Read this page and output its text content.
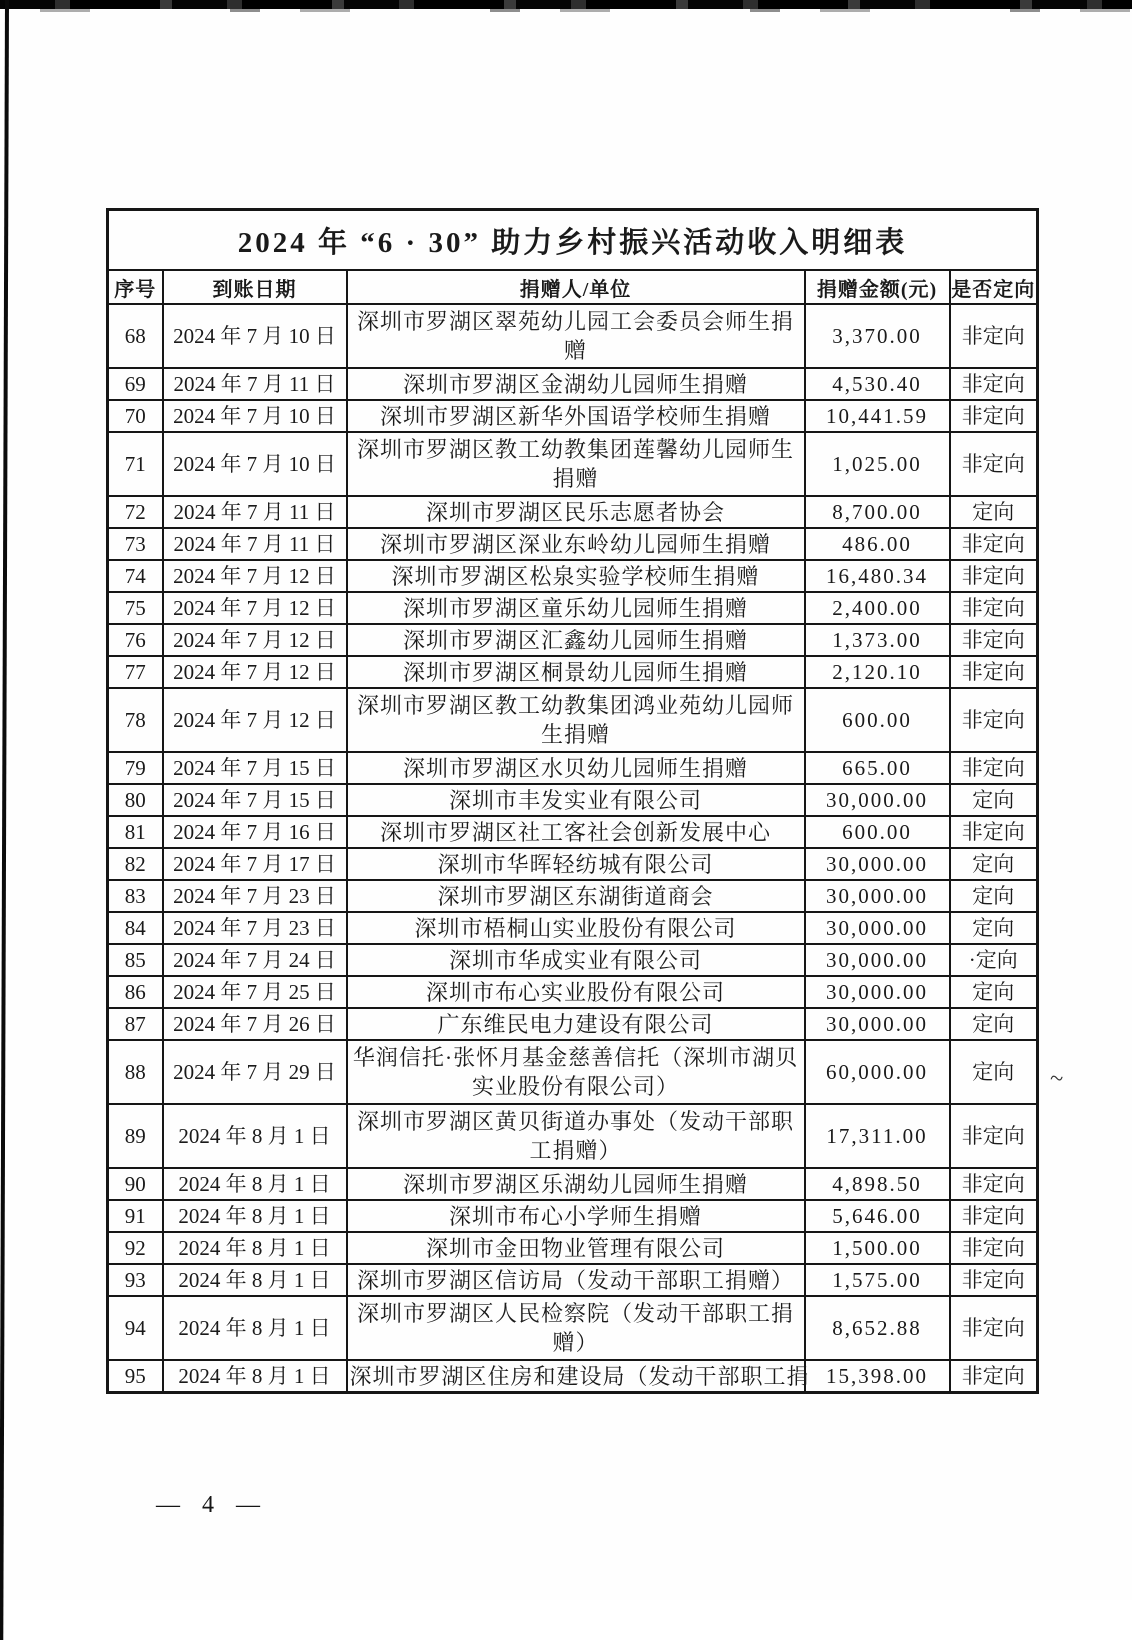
2024 年 “6 · 30” 助力乡村振兴活动收入明细表				
序号	到账日期	捐赠人/单位	捐赠金额(元)	是否定向
68	2024 年 7 月 10 日	深圳市罗湖区翠苑幼儿园工会委员会师生捐赠	3,370.00	非定向
69	2024 年 7 月 11 日	深圳市罗湖区金湖幼儿园师生捐赠	4,530.40	非定向
70	2024 年 7 月 10 日	深圳市罗湖区新华外国语学校师生捐赠	10,441.59	非定向
71	2024 年 7 月 10 日	深圳市罗湖区教工幼教集团莲馨幼儿园师生捐赠	1,025.00	非定向
72	2024 年 7 月 11 日	深圳市罗湖区民乐志愿者协会	8,700.00	定向
73	2024 年 7 月 11 日	深圳市罗湖区深业东岭幼儿园师生捐赠	486.00	非定向
74	2024 年 7 月 12 日	深圳市罗湖区松泉实验学校师生捐赠	16,480.34	非定向
75	2024 年 7 月 12 日	深圳市罗湖区童乐幼儿园师生捐赠	2,400.00	非定向
76	2024 年 7 月 12 日	深圳市罗湖区汇鑫幼儿园师生捐赠	1,373.00	非定向
77	2024 年 7 月 12 日	深圳市罗湖区桐景幼儿园师生捐赠	2,120.10	非定向
78	2024 年 7 月 12 日	深圳市罗湖区教工幼教集团鸿业苑幼儿园师生捐赠	600.00	非定向
79	2024 年 7 月 15 日	深圳市罗湖区水贝幼儿园师生捐赠	665.00	非定向
80	2024 年 7 月 15 日	深圳市丰发实业有限公司	30,000.00	定向
81	2024 年 7 月 16 日	深圳市罗湖区社工客社会创新发展中心	600.00	非定向
82	2024 年 7 月 17 日	深圳市华晖轻纺城有限公司	30,000.00	定向
83	2024 年 7 月 23 日	深圳市罗湖区东湖街道商会	30,000.00	定向
84	2024 年 7 月 23 日	深圳市梧桐山实业股份有限公司	30,000.00	定向
85	2024 年 7 月 24 日	深圳市华成实业有限公司	30,000.00	·定向
86	2024 年 7 月 25 日	深圳市布心实业股份有限公司	30,000.00	定向
87	2024 年 7 月 26 日	广东维民电力建设有限公司	30,000.00	定向
88	2024 年 7 月 29 日	华润信托·张怀月基金慈善信托（深圳市湖贝实业股份有限公司）	60,000.00	定向
89	2024 年 8 月 1 日	深圳市罗湖区黄贝街道办事处（发动干部职工捐赠）	17,311.00	非定向
90	2024 年 8 月 1 日	深圳市罗湖区乐湖幼儿园师生捐赠	4,898.50	非定向
91	2024 年 8 月 1 日	深圳市布心小学师生捐赠	5,646.00	非定向
92	2024 年 8 月 1 日	深圳市金田物业管理有限公司	1,500.00	非定向
93	2024 年 8 月 1 日	深圳市罗湖区信访局（发动干部职工捐赠）	1,575.00	非定向
94	2024 年 8 月 1 日	深圳市罗湖区人民检察院（发动干部职工捐赠）	8,652.88	非定向
95	2024 年 8 月 1 日	深圳市罗湖区住房和建设局（发动干部职工捐	15,398.00	非定向
~
— 4 —
